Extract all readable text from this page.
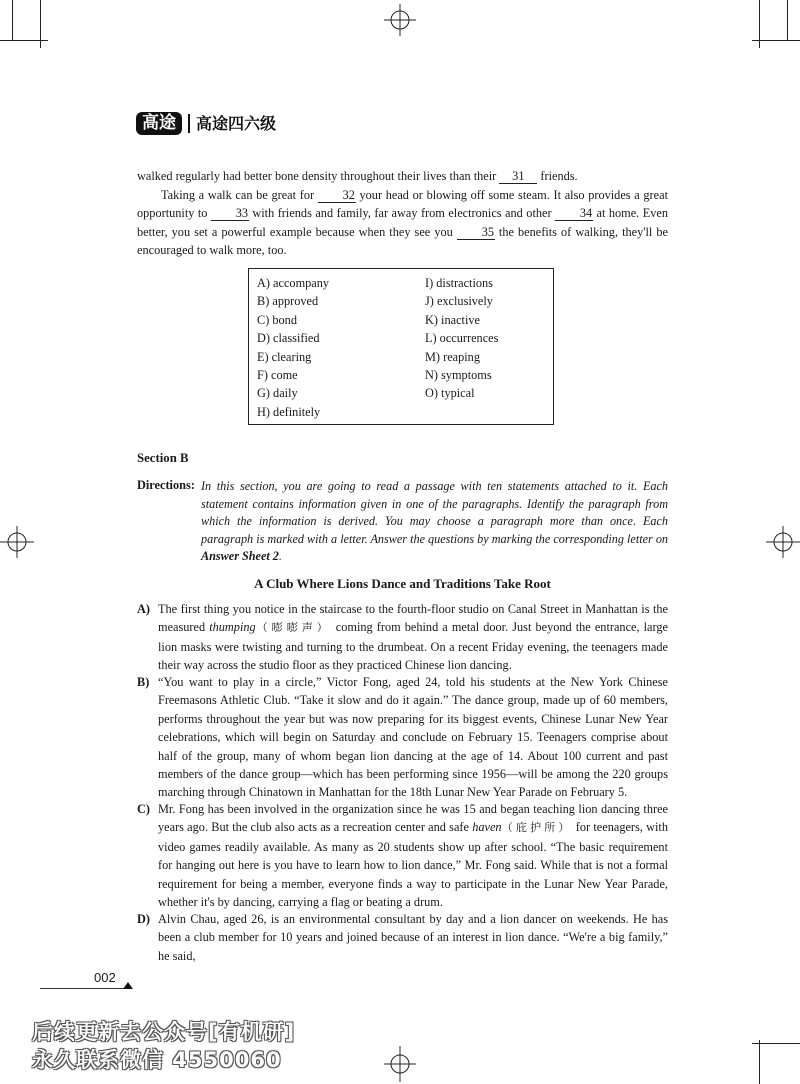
高途	高途四六级

walked regularly had better bone density throughout their lives than their 31 friends.

Taking a walk can be great for 32 your head or blowing off some steam. It also provides a great opportunity to 33 with friends and family, far away from electronics and other 34 at home. Even better, you set a powerful example because when they see you 35 the benefits of walking, they'll be encouraged to walk more, too.

A) accompany
B) approved
C) bond
D) classified
E) clearing
F) come
G) daily
H) definitely
I) distractions
J) exclusively
K) inactive
L) occurrences
M) reaping
N) symptoms
O) typical
Section B
Directions: In this section, you are going to read a passage with ten statements attached to it. Each statement contains information given in one of the paragraphs. Identify the paragraph from which the information is derived. You may choose a paragraph more than once. Each paragraph is marked with a letter. Answer the questions by marking the corresponding letter on Answer Sheet 2.

A Club Where Lions Dance and Traditions Take Root
A) The first thing you notice in the staircase to the fourth-floor studio on Canal Street in Manhattan is the measured thumping（嘭嘭声） coming from behind a metal door. Just beyond the entrance, large lion masks were twisting and turning to the drumbeat. On a recent Friday evening, the teenagers made their way across the studio floor as they practiced Chinese lion dancing.

B) “You want to play in a circle,” Victor Fong, aged 24, told his students at the New York Chinese Freemasons Athletic Club. “Take it slow and do it again.” The dance group, made up of 60 members, performs throughout the year but was now preparing for its biggest events, Chinese Lunar New Year celebrations, which will begin on Saturday and conclude on February 15. Teenagers comprise about half of the group, many of whom began lion dancing at the age of 14. About 100 current and past members of the dance group—which has been performing since 1956—will be among the 220 groups marching through Chinatown in Manhattan for the 18th Lunar New Year Parade on February 5.

C) Mr. Fong has been involved in the organization since he was 15 and began teaching lion dancing three years ago. But the club also acts as a recreation center and safe haven（庇护所） for teenagers, with video games readily available. As many as 20 students show up after school. “The basic requirement for hanging out here is you have to learn how to lion dance,” Mr. Fong said. While that is not a formal requirement for being a member, everyone finds a way to participate in the Lunar New Year Parade, whether it's by dancing, carrying a flag or beating a drum.

D) Alvin Chau, aged 26, is an environmental consultant by day and a lion dancer on weekends. He has been a club member for 10 years and joined because of an interest in lion dance. “We're a big family,” he said,

002
后续更新去公众号[有机研]
永久联系微信 4550060
